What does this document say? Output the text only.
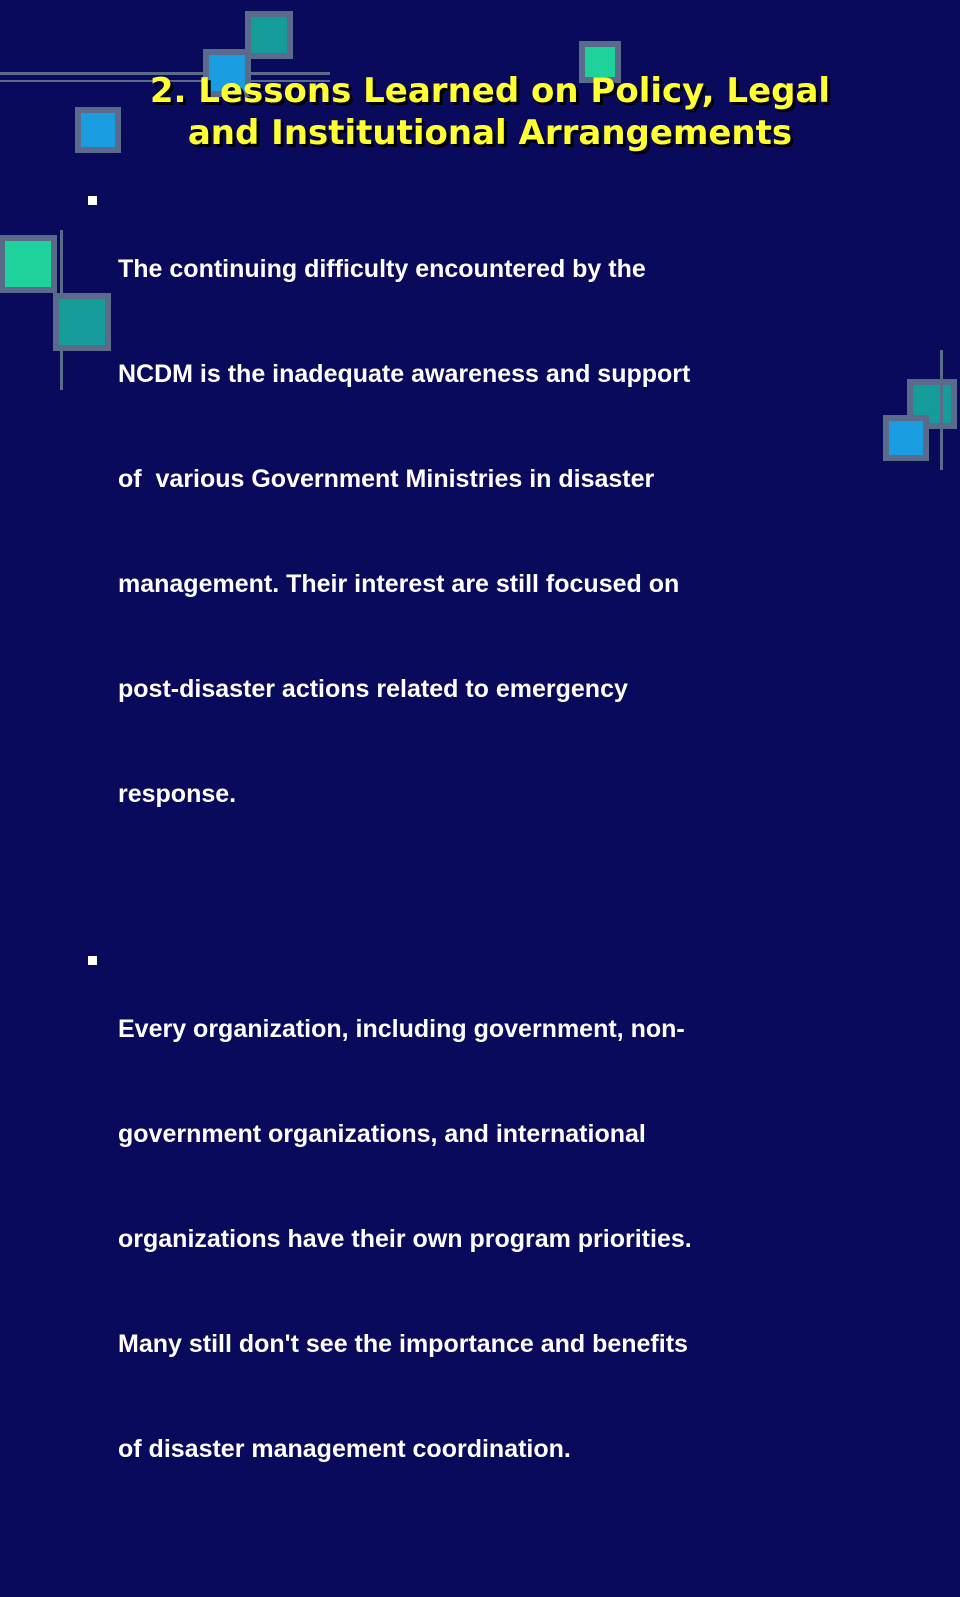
2. Lessons Learned on Policy, Legal
and Institutional Arrangements

The continuing difficulty encountered by the

NCDM is the inadequate awareness and support

of  various Government Ministries in disaster

management. Their interest are still focused on

post-disaster actions related to emergency

response.

Every organization, including government, non-

government organizations, and international

organizations have their own program priorities.

Many still don't see the importance and benefits

of disaster management coordination.
